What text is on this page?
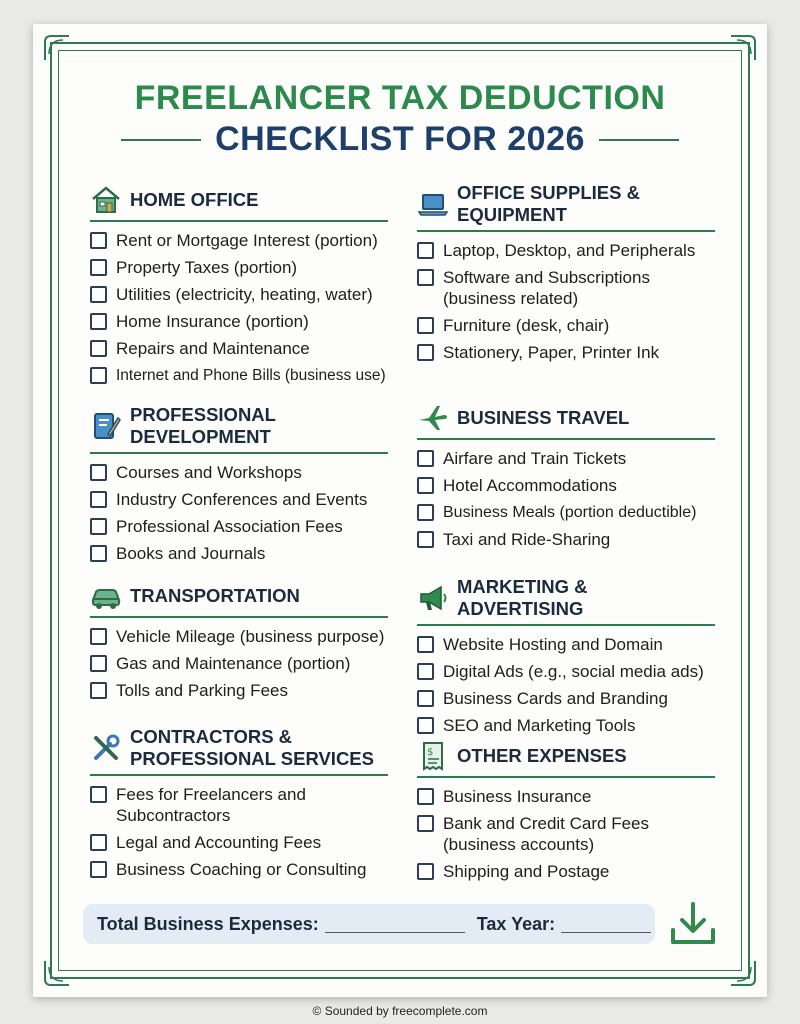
FREELANCER TAX DEDUCTION
CHECKLIST FOR 2026
HOME OFFICE
Rent or Mortgage Interest (portion)
Property Taxes (portion)
Utilities (electricity, heating, water)
Home Insurance (portion)
Repairs and Maintenance
Internet and Phone Bills (business use)
PROFESSIONAL DEVELOPMENT
Courses and Workshops
Industry Conferences and Events
Professional Association Fees
Books and Journals
TRANSPORTATION
Vehicle Mileage (business purpose)
Gas and Maintenance (portion)
Tolls and Parking Fees
CONTRACTORS & PROFESSIONAL SERVICES
Fees for Freelancers and Subcontractors
Legal and Accounting Fees
Business Coaching or Consulting
OFFICE SUPPLIES & EQUIPMENT
Laptop, Desktop, and Peripherals
Software and Subscriptions (business related)
Furniture (desk, chair)
Stationery, Paper, Printer Ink
BUSINESS TRAVEL
Airfare and Train Tickets
Hotel Accommodations
Business Meals (portion deductible)
Taxi and Ride-Sharing
MARKETING & ADVERTISING
Website Hosting and Domain
Digital Ads (e.g., social media ads)
Business Cards and Branding
SEO and Marketing Tools
$ OTHER EXPENSES
Business Insurance
Bank and Credit Card Fees (business accounts)
Shipping and Postage
Total Business Expenses:	Tax Year:
© Sounded by freecomplete.com
